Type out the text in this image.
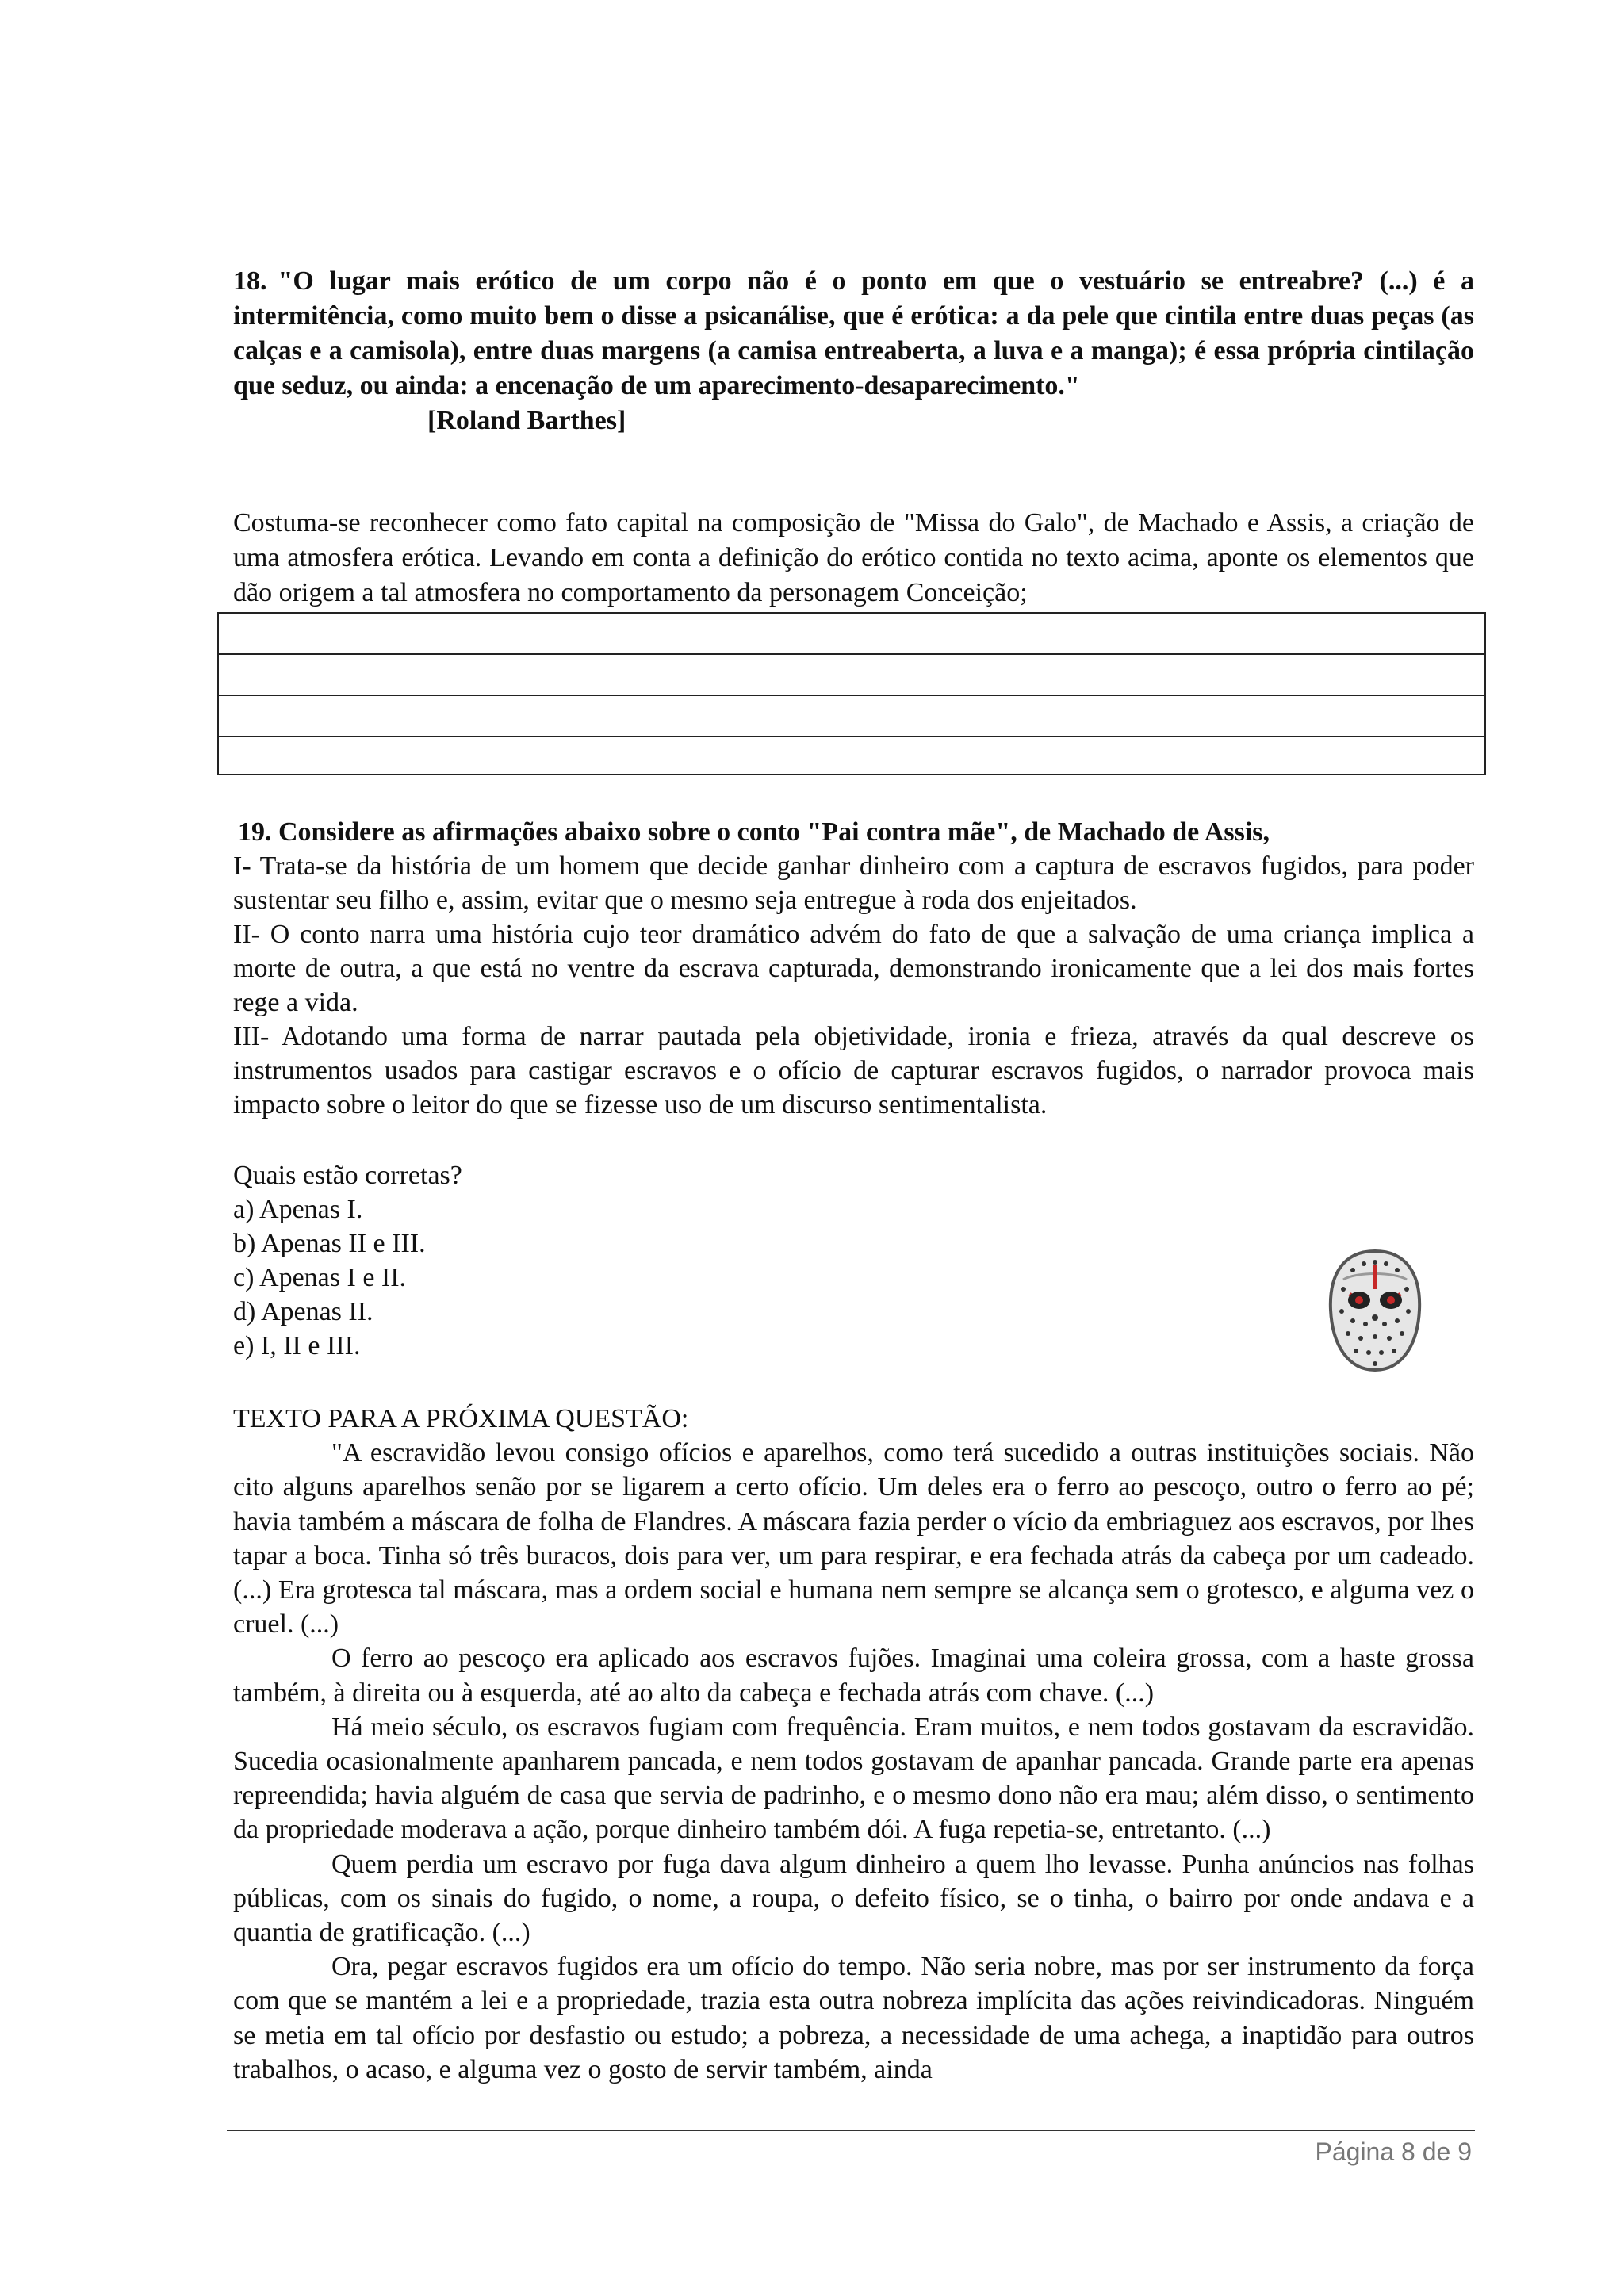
18. "O lugar mais erótico de um corpo não é o ponto em que o vestuário se entreabre? (...) é a intermitência, como muito bem o disse a psicanálise, que é erótica: a da pele que cintila entre duas peças (as calças e a camisola), entre duas margens (a camisa entreaberta, a luva e a manga); é essa própria cintilação que seduz, ou ainda: a encenação de um aparecimento-desaparecimento."
[Roland Barthes]
Costuma-se reconhecer como fato capital na composição de "Missa do Galo", de Machado e Assis, a criação de uma atmosfera erótica. Levando em conta a definição do erótico contida no texto acima, aponte os elementos que dão origem a tal atmosfera no comportamento da personagem Conceição;

19. Considere as afirmações abaixo sobre o conto "Pai contra mãe", de Machado de Assis,

I- Trata-se da história de um homem que decide ganhar dinheiro com a captura de escravos fugidos, para poder sustentar seu filho e, assim, evitar que o mesmo seja entregue à roda dos enjeitados.

II- O conto narra uma história cujo teor dramático advém do fato de que a salvação de uma criança implica a morte de outra, a que está no ventre da escrava capturada, demonstrando ironicamente que a lei dos mais fortes rege a vida.

III- Adotando uma forma de narrar pautada pela objetividade, ironia e frieza, através da qual descreve os instrumentos usados para castigar escravos e o ofício de capturar escravos fugidos, o narrador provoca mais impacto sobre o leitor do que se fizesse uso de um discurso sentimentalista.

Quais estão corretas?
a) Apenas I.
b) Apenas II e III.
c) Apenas I e II.
d) Apenas II.
e) I, II e III.
TEXTO PARA A PRÓXIMA QUESTÃO:

"A escravidão levou consigo ofícios e aparelhos, como terá sucedido a outras instituições sociais. Não cito alguns aparelhos senão por se ligarem a certo ofício. Um deles era o ferro ao pescoço, outro o ferro ao pé; havia também a máscara de folha de Flandres. A máscara fazia perder o vício da embriaguez aos escravos, por lhes tapar a boca. Tinha só três buracos, dois para ver, um para respirar, e era fechada atrás da cabeça por um cadeado. (...) Era grotesca tal máscara, mas a ordem social e humana nem sempre se alcança sem o grotesco, e alguma vez o cruel. (...)

O ferro ao pescoço era aplicado aos escravos fujões. Imaginai uma coleira grossa, com a haste grossa também, à direita ou à esquerda, até ao alto da cabeça e fechada atrás com chave. (...)

Há meio século, os escravos fugiam com frequência. Eram muitos, e nem todos gostavam da escravidão. Sucedia ocasionalmente apanharem pancada, e nem todos gostavam de apanhar pancada. Grande parte era apenas repreendida; havia alguém de casa que servia de padrinho, e o mesmo dono não era mau; além disso, o sentimento da propriedade moderava a ação, porque dinheiro também dói. A fuga repetia-se, entretanto. (...)

Quem perdia um escravo por fuga dava algum dinheiro a quem lho levasse. Punha anúncios nas folhas públicas, com os sinais do fugido, o nome, a roupa, o defeito físico, se o tinha, o bairro por onde andava e a quantia de gratificação. (...)

Ora, pegar escravos fugidos era um ofício do tempo. Não seria nobre, mas por ser instrumento da força com que se mantém a lei e a propriedade, trazia esta outra nobreza implícita das ações reivindicadoras. Ninguém se metia em tal ofício por desfastio ou estudo; a pobreza, a necessidade de uma achega, a inaptidão para outros trabalhos, o acaso, e alguma vez o gosto de servir também, ainda

Página 8 de 9
